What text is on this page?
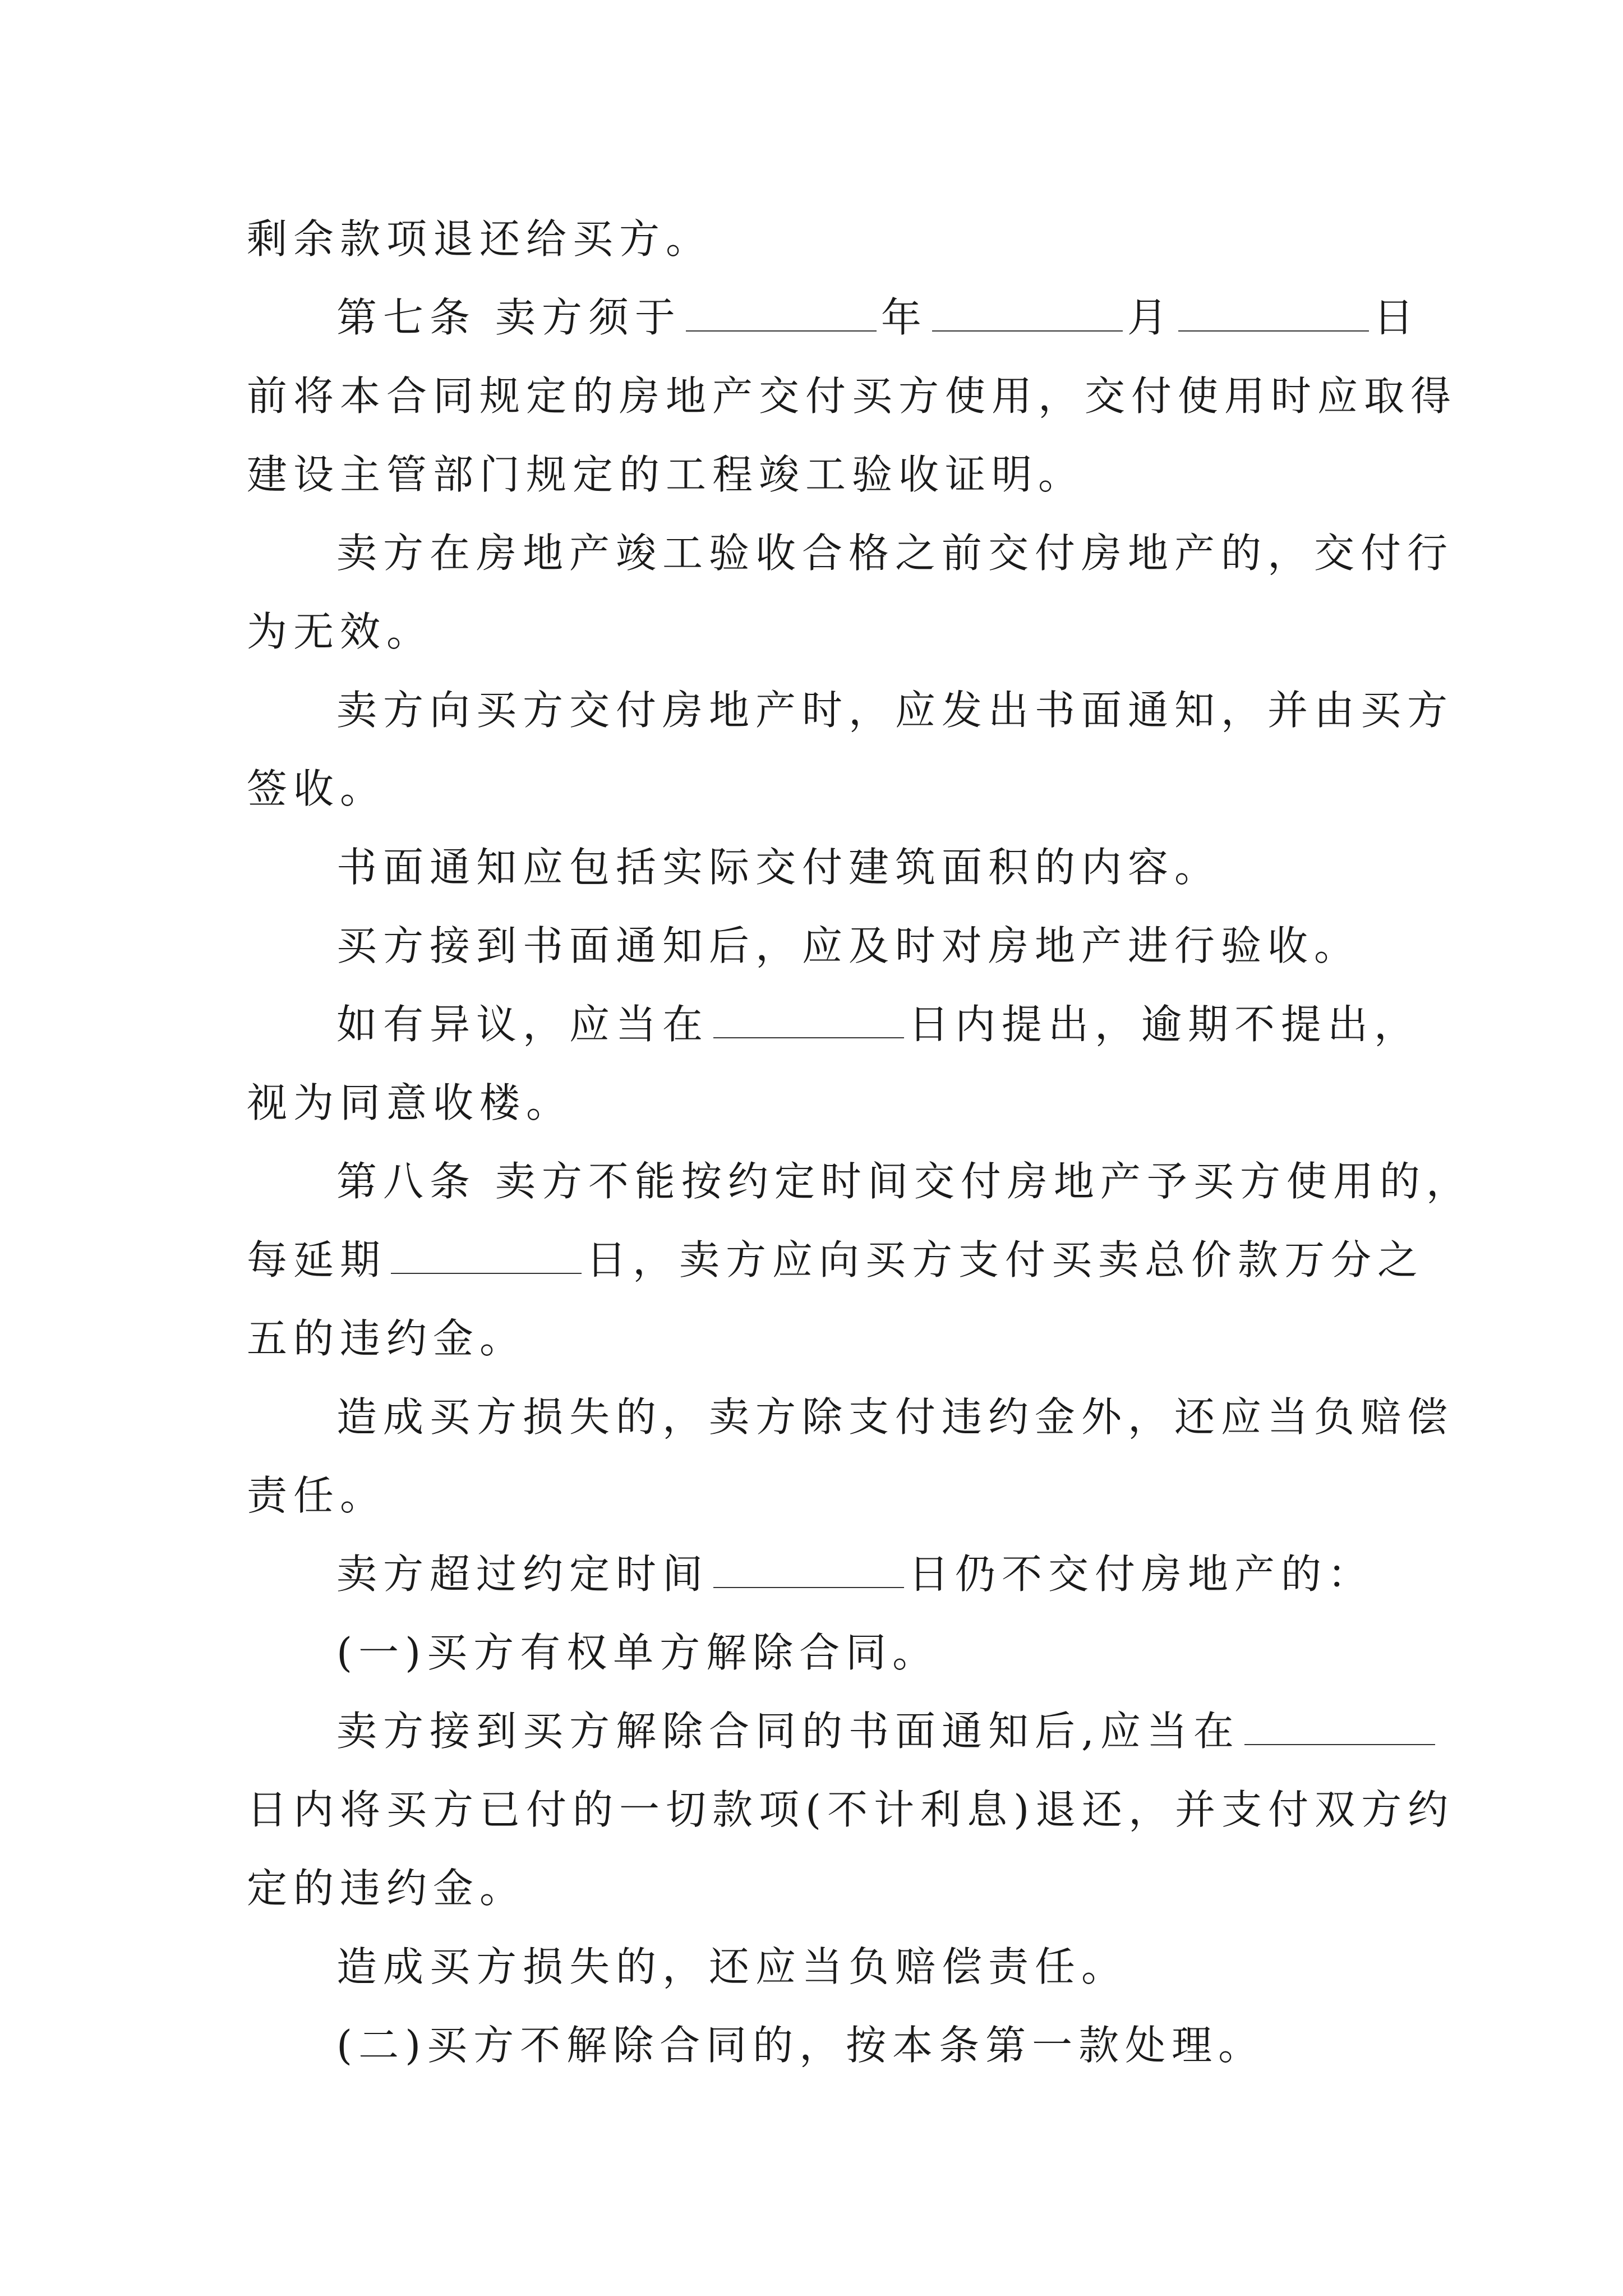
剩余款项退还给买方。
第七条 卖方须于	年	月	日
前将本合同规定的房地产交付买方使用，交付使用时应取得
建设主管部门规定的工程竣工验收证明。
卖方在房地产竣工验收合格之前交付房地产的，交付行
为无效。
卖方向买方交付房地产时，应发出书面通知，并由买方
签收。
书面通知应包括实际交付建筑面积的内容。
买方接到书面通知后，应及时对房地产进行验收。
如有异议，应当在	日内提出，逾期不提出，
视为同意收楼。
第八条 卖方不能按约定时间交付房地产予买方使用的，
每延期	日，卖方应向买方支付买卖总价款万分之
五的违约金。
造成买方损失的，卖方除支付违约金外，还应当负赔偿
责任。
卖方超过约定时间	日仍不交付房地产的：
(一)买方有权单方解除合同。
卖方接到买方解除合同的书面通知后,应当在
日内将买方已付的一切款项(不计利息)退还，并支付双方约
定的违约金。
造成买方损失的，还应当负赔偿责任。
(二)买方不解除合同的，按本条第一款处理。
